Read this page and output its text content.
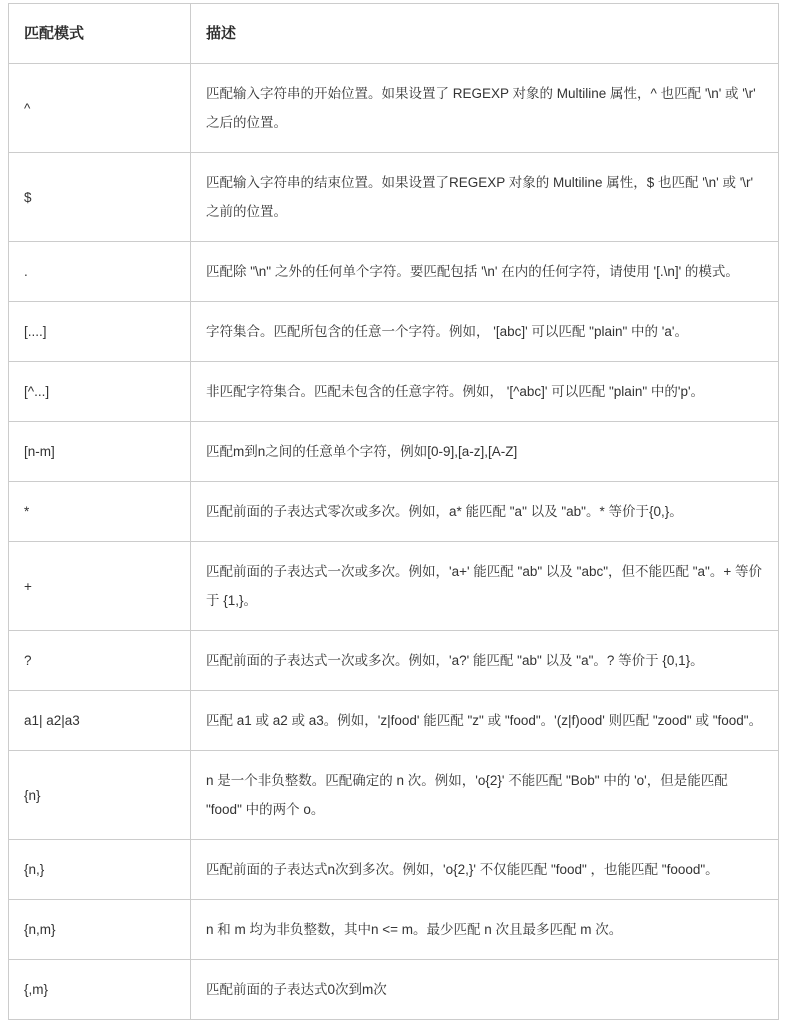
匹配模式	描述
^	匹配输入字符串的开始位置。如果设置了 REGEXP 对象的 Multiline 属性，^ 也匹配 '\n' 或 '\r' 之后的位置。
$	匹配输入字符串的结束位置。如果设置了REGEXP 对象的 Multiline 属性，$ 也匹配 '\n' 或 '\r' 之前的位置。
.	匹配除 "\n" 之外的任何单个字符。要匹配包括 '\n' 在内的任何字符，请使用 '[.\n]' 的模式。
[....]	字符集合。匹配所包含的任意一个字符。例如， '[abc]' 可以匹配 "plain" 中的 'a'。
[^...]	非匹配字符集合。匹配未包含的任意字符。例如， '[^abc]' 可以匹配 "plain" 中的'p'。
[n-m]	匹配m到n之间的任意单个字符，例如[0-9],[a-z],[A-Z]
*	匹配前面的子表达式零次或多次。例如，a* 能匹配 "a" 以及 "ab"。* 等价于{0,}。
+	匹配前面的子表达式一次或多次。例如，'a+' 能匹配 "ab" 以及 "abc"，但不能匹配 "a"。+ 等价于 {1,}。
?	匹配前面的子表达式一次或多次。例如，'a?' 能匹配 "ab" 以及 "a"。? 等价于 {0,1}。
a1| a2|a3	匹配 a1 或 a2 或 a3。例如，'z|food' 能匹配 "z" 或 "food"。'(z|f)ood' 则匹配 "zood" 或 "food"。
{n}	n 是一个非负整数。匹配确定的 n 次。例如，'o{2}' 不能匹配 "Bob" 中的 'o'，但是能匹配 "food" 中的两个 o。
{n,}	匹配前面的子表达式n次到多次。例如，'o{2,}' 不仅能匹配 "food" ，也能匹配 "foood"。
{n,m}	n 和 m 均为非负整数，其中n <= m。最少匹配 n 次且最多匹配 m 次。
{,m}	匹配前面的子表达式0次到m次
